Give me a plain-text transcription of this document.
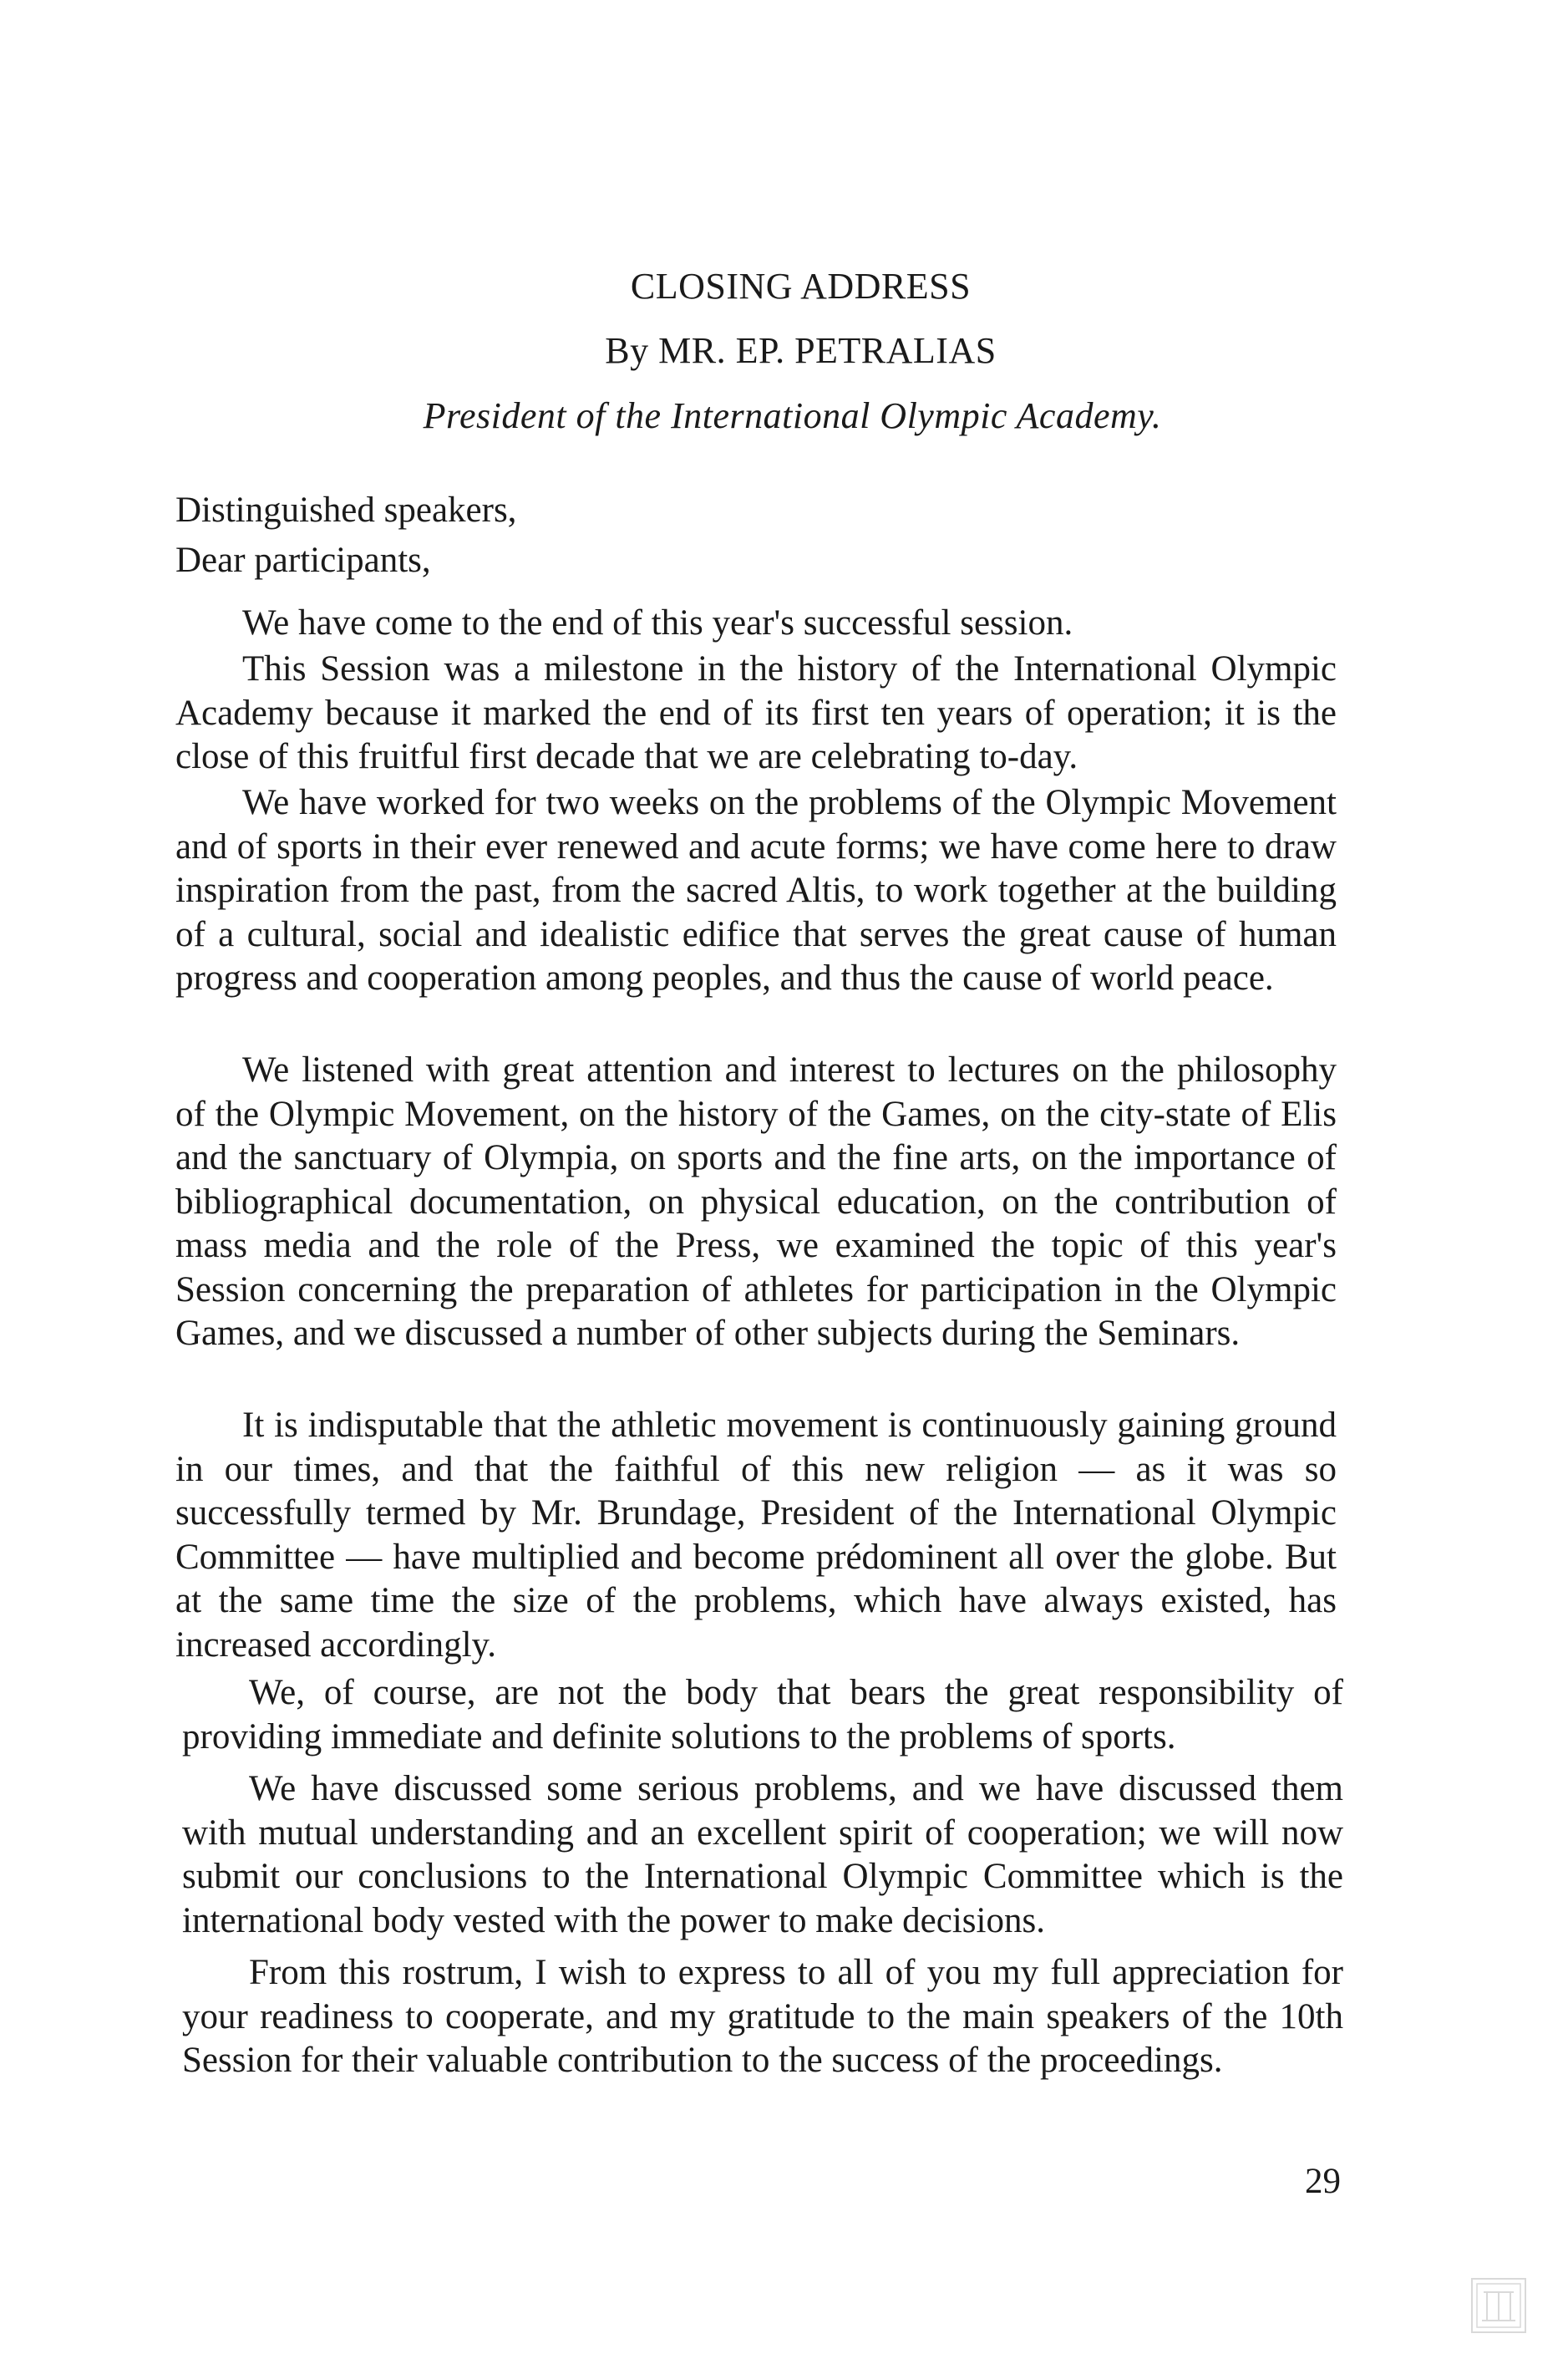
CLOSING ADDRESS
By MR. EP. PETRALIAS
President of the International Olympic Academy.
Distinguished speakers,
Dear participants,

We have come to the end of this year's successful session.

This Session was a milestone in the history of the International Olympic Academy because it marked the end of its first ten years of operation; it is the close of this fruitful first decade that we are celebrating to-day.

We have worked for two weeks on the problems of the Olympic Movement and of sports in their ever renewed and acute forms; we have come here to draw inspiration from the past, from the sacred Altis, to work together at the building of a cultural, social and idealistic edifice that serves the great cause of human progress and cooperation among peoples, and thus the cause of world peace.

We listened with great attention and interest to lectures on the philosophy of the Olympic Movement, on the history of the Games, on the city-state of Elis and the sanctuary of Olympia, on sports and the fine arts, on the importance of bibliographical documentation, on physical education, on the contribution of mass media and the role of the Press, we examined the topic of this year's Session concerning the preparation of athletes for participation in the Olympic Games, and we discussed a number of other subjects during the Seminars.

It is indisputable that the athletic movement is continuously gaining ground in our times, and that the faithful of this new religion — as it was so successfully termed by Mr. Brundage, President of the International Olympic Committee — have multiplied and become prédominent all over the globe. But at the same time the size of the problems, which have always existed, has increased accordingly.

We, of course, are not the body that bears the great responsibility of providing immediate and definite solutions to the problems of sports.

We have discussed some serious problems, and we have discussed them with mutual understanding and an excellent spirit of cooperation; we will now submit our conclusions to the International Olympic Committee which is the international body vested with the power to make decisions.

From this rostrum, I wish to express to all of you my full appreciation for your readiness to cooperate, and my gratitude to the main speakers of the 10th Session for their valuable contribution to the success of the proceedings.

29
